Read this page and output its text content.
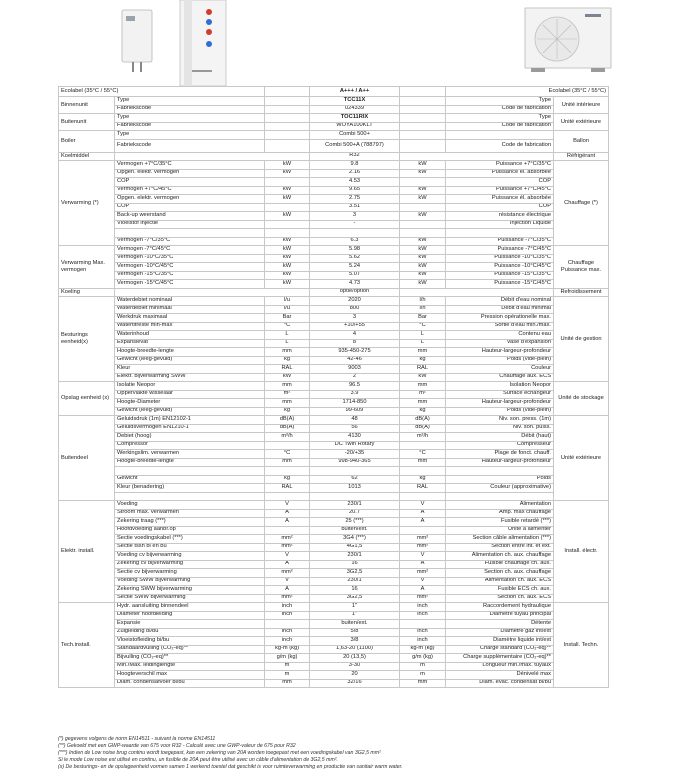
Ecolabel (35°C / 55°C)			A+++ / A++		Ecolabel (35°C / 55°C)	
Binnenunit	Type		TCC11X		Type	Unité intérieure
	Fabriekscode		024339		Code de fabrication	
Buitenunit	Type		TOC11RIX		Type	Unité extérieure
	Fabriekscode		WOYA100KLT		Code de fabrication	
Boiler	Type		Combi 500+			Ballon
	Fabriekscode		Combi 500+A (788797)		Code de fabrication	
Koelmiddel			R32			Réfrigérant
Verwarming (*)	Vermogen +7°C/35°C	kW	9.8	kW	Puissance +7°C/35°C	Chauffage (*)
	Opgen. elektr. vermogen	kW	2.16	kW	Puissance él. absorbée	
	COP		4.53		COP	
	Vermogen +7°C/45°C	kW	9.65	kW	Puissance +7°C/45°C	
	Opgen. elektr. vermogen	kW	2.75	kW	Puissance él. absorbée	
	COP		3.51		COP	
	Back-up weerstand	kW	3	kW	résistance électrique	
	Vloeistof injectie		-		Injection Liquide	

	Vermogen -7°C/35°C	kW	6.3	kW	Puissance -7°C/35°C	
Verwarming Max. vermogen	Vermogen -7°C/45°C	kW	5.98	kW	Puissance -7°C/45°C	Chauffage Puissance max.
	Vermogen -10°C/35°C	kW	5.62	kW	Puissance -10°C/35°C	
	Vermogen -10°C/45°C	kW	5.24	kW	Puissance -10°C/45°C	
	Vermogen -15°C/35°C	kW	5.07	kW	Puissance -15°C/35°C	
	Vermogen -15°C/45°C	kW	4.73	kW	Puissance -15°C/45°C	
Koeling			optie/option			Refroidissement
Besturings eenheid(x)	Waterdebiet nominaal	l/u	2020	l/h	Débit d'eau nominal	Unité de gestion
	Waterdebiet minimaal	l/u	800	l/h	Débit d'eau minimal	
	Werkdruk maximaal	Bar	3	Bar	Pression opérationelle max.	
	Watertitreste min-max	°C	+10/+55	°C	Sortie d'eau min./max.	
	Waterinhoud	L	4	L	Contenu eau	
	Expansievat	L	8	L	Vase d'expansion	
	Hoogte-breedte-lengte	mm	935-450-275	mm	Hauteur-largeur-profondeur	
	Gewicht (leeg-gevuld)	kg	42-46	kg	Poids (vide-plein)	
	Kleur	RAL	9003	RAL	Couleur	
	Elektr. bijverwarming SWW	kW	2	kW	Chauffage aux. ECS	
Opslag eenheid (x)	Isolatie Neopor	mm	96.5	mm	Isolation Neopor	Unité de stockage
	Oppervlakte wisselaar	m²	3.9	m²	Surface échangeur	
	Hoogte-Diameter	mm	1714-850	mm	Hauteur-largeur-profondeur	
	Gewicht (leeg-gevuld)	kg	99-609	kg	Poids (vide-plein)	
Buitendeel	Geluidsdruk (1m) EN12102-1	dB(A)	48	dB(A)	Niv. son. press. (1m)	Unité extérieure
	Geluidsvermogen EN1210-1	dB(A)	56	dB(A)	Niv. son. puiss.	
	Debiet (hoog)	m³/h	4130	m³/h	Débit (haut)	
	Compressor		DC Twin Rotary		Compresseur	
	Werkingslim. verwarmen	°C	-20/+35	°C	Plage de fonct. chauff.	
	Hoogte-breedte-lengte	mm	998-940-365	mm	Hauteur-largeur-profondeur	

	Gewicht	kg	62	kg	Poids	
	Kleur (benadering)	RAL	1013	RAL	Couleur (approximative)	

Elektr. install.	Voeding	V	230/1	V	Alimentation	Install. électr.
	Stroom max. verwarmen	A	20.7	A	Amp. max chauffage	
	Zekering traag (***)	A	25 (***)	A	Fusible retardé (***)	
	Hoofdvoeding aanbr.op		buiten/ext.		Unité à alimenter	
	Sectie voedingskabel (***)	mm²	3G4 (***)	mm²	Section câble alimentation (***)	
	Sectie tssn bi en bu	mm²	4G1,5	mm²	Section entre int. et ext.	
	Voeding cv bijverwarming	V	230/1	V	Alimentation ch. aux. chauffage	
	Zekering cv bijverwarming	A	16	A	Fusible chauffage ch. aux.	
	Sectie cv bijverwarming	mm²	3G2,5	mm²	Section ch. aux. chauffage	
	Voeding SWW bijverwarming	V	230/1	V	Alimentation ch. aux. ECS	
	Zekering SWW bijverwarming	A	16	A	Fusible ECS ch. aux.	
	Sectie SWW bijverwarming	mm²	3G2,5	mm²	Section ch. aux. ECS	
Tech.install.	Hydr. aansluiting binnendeel	inch	1"	inch	Raccordement hydraulique	Install. Techn.
	Diameter hoofdleiding	inch	1"	inch	Diamètre tuyau principal	
	Expansie		buiten/ext.		Détente	
	Zuigleiding bi/bu	inch	5/8	inch	Diamètre gaz int/ext	
	Vloeistofleiding bi/bu	inch	3/8	inch	Diamètre liquide int/ext	
	Standaardvulling (CO₂-eq)**	kg-m (kg)	1,63-20 (1100)	kg-m (kg)	Charge standard (CO₂-eq)**	
	Bijvulling (CO₂-eq)**	g/m (kg)	20 (13,5)	g/m (kg)	Charge supplémentaire (CO₂-eq)**	
	Min./Max. leidinglengte	m	3-30	m	Longueur min./max. tuyaux	
	Hoogteverschil max	m	20	m	Dénivelé max	
	Diam. condensafvoer bi/bu	mm	32/16	mm	Diam. évac. condensat bi/bu	
(*) gegevens volgens de norm EN14511 - suivant la norme EN14511
(**) Gekoeld met een GWP-waarde van 675 voor R32 - Calculé avec une GWP-valeur de 675 pour R32
(***) Indien de Low noise brug continu wordt toegepast, kan een zekering van 20A worden toegepast met een voedingskabel van 3G2,5 mm²
Si le mode Low noise est utilisé en continu, un fusible de 20A peut être utilisé avec un câble d'alimentation de 3G2,5 mm².
(x) De besturings- en de opslageenheid vormen samen 1 werkend toestel dat geschikt is voor ruimteverwarming en productie van sanitair warm water.
